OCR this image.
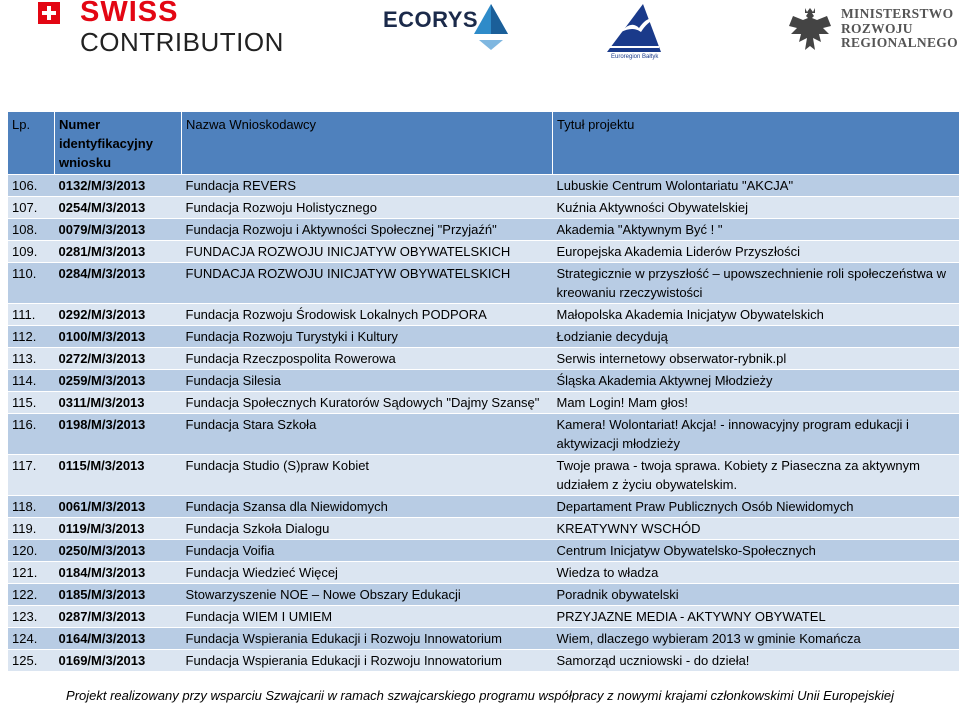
SWISS
CONTRIBUTION
ECORYS
Euroregion Bałtyk
MINISTERSTWO
ROZWOJU
REGIONALNEGO
Lp.	Numer identyfikacyjny wniosku	Nazwa Wnioskodawcy	Tytuł projektu
106.	0132/M/3/2013	Fundacja REVERS	Lubuskie Centrum Wolontariatu "AKCJA"
107.	0254/M/3/2013	Fundacja Rozwoju Holistycznego	Kuźnia Aktywności Obywatelskiej
108.	0079/M/3/2013	Fundacja Rozwoju i Aktywności Społecznej "Przyjaźń"	Akademia "Aktywnym Być ! "
109.	0281/M/3/2013	FUNDACJA ROZWOJU INICJATYW OBYWATELSKICH	Europejska Akademia Liderów Przyszłości
110.	0284/M/3/2013	FUNDACJA ROZWOJU INICJATYW OBYWATELSKICH	Strategicznie w przyszłość – upowszechnienie roli społeczeństwa w kreowaniu rzeczywistości
111.	0292/M/3/2013	Fundacja Rozwoju Środowisk Lokalnych PODPORA	Małopolska Akademia Inicjatyw Obywatelskich
112.	0100/M/3/2013	Fundacja Rozwoju Turystyki i Kultury	Łodzianie decydują
113.	0272/M/3/2013	Fundacja Rzeczpospolita Rowerowa	Serwis internetowy obserwator-rybnik.pl
114.	0259/M/3/2013	Fundacja Silesia	Śląska Akademia Aktywnej Młodzieży
115.	0311/M/3/2013	Fundacja Społecznych Kuratorów Sądowych "Dajmy Szansę"	Mam Login! Mam głos!
116.	0198/M/3/2013	Fundacja Stara Szkoła	Kamera! Wolontariat! Akcja! - innowacyjny program edukacji i aktywizacji młodzieży
117.	0115/M/3/2013	Fundacja Studio (S)praw Kobiet	Twoje prawa - twoja sprawa. Kobiety z Piaseczna za aktywnym udziałem z życiu obywatelskim.
118.	0061/M/3/2013	Fundacja Szansa dla Niewidomych	Departament Praw Publicznych Osób Niewidomych
119.	0119/M/3/2013	Fundacja Szkoła Dialogu	KREATYWNY WSCHÓD
120.	0250/M/3/2013	Fundacja Voifia	Centrum Inicjatyw Obywatelsko-Społecznych
121.	0184/M/3/2013	Fundacja Wiedzieć Więcej	Wiedza to władza
122.	0185/M/3/2013	Stowarzyszenie NOE – Nowe Obszary Edukacji	Poradnik obywatelski
123.	0287/M/3/2013	Fundacja WIEM I UMIEM	PRZYJAZNE MEDIA - AKTYWNY OBYWATEL
124.	0164/M/3/2013	Fundacja Wspierania Edukacji i Rozwoju Innowatorium	Wiem, dlaczego wybieram 2013 w gminie Komańcza
125.	0169/M/3/2013	Fundacja Wspierania Edukacji i Rozwoju Innowatorium	Samorząd uczniowski - do dzieła!
Projekt realizowany przy wsparciu Szwajcarii w ramach szwajcarskiego programu współpracy z nowymi krajami członkowskimi Unii Europejskiej
